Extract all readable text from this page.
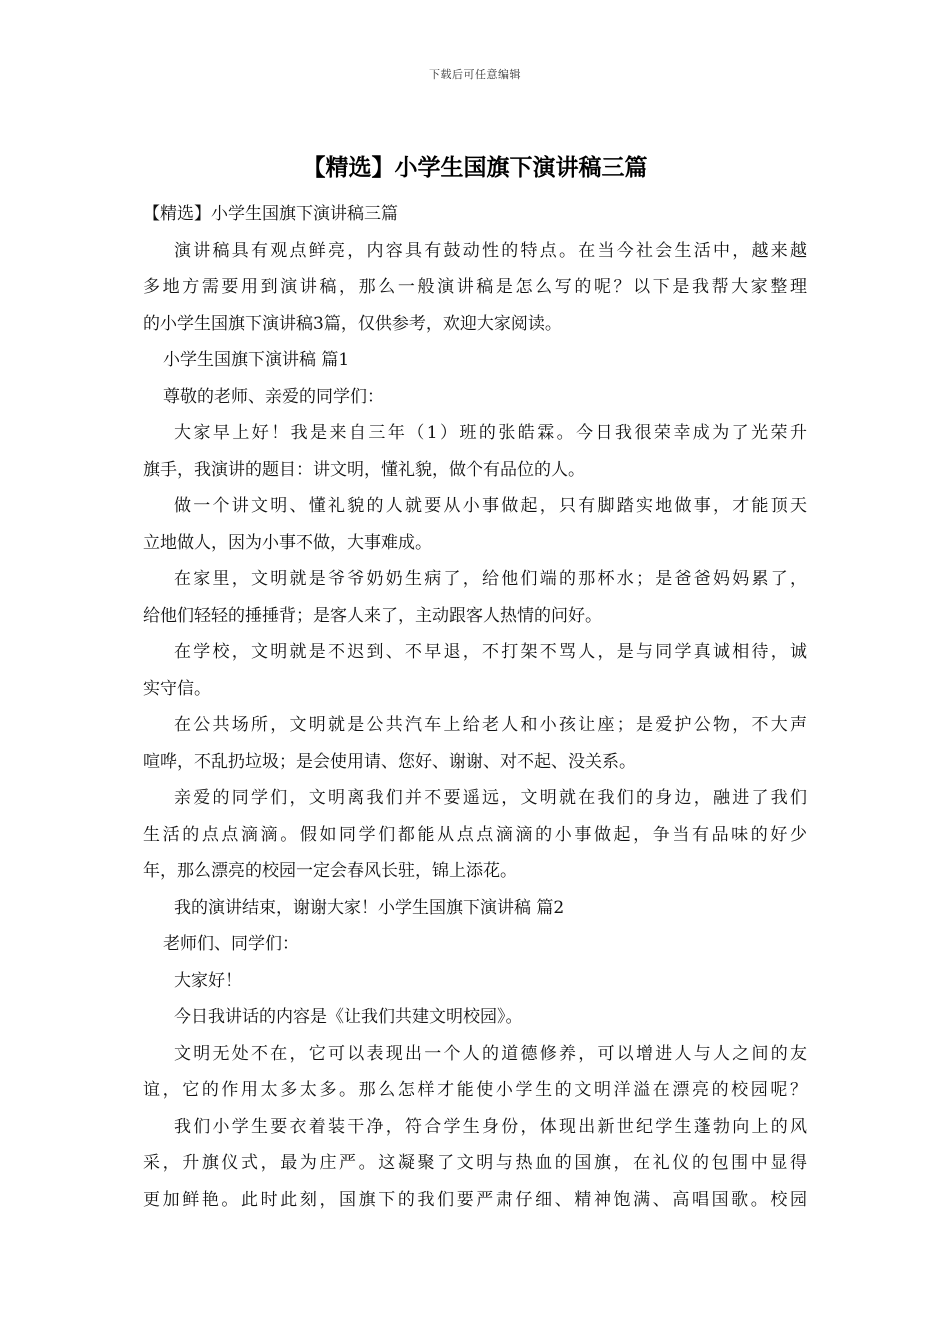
下载后可任意编辑
【精选】小学生国旗下演讲稿三篇

【精选】小学生国旗下演讲稿三篇

演讲稿具有观点鲜亮，内容具有鼓动性的特点。在当今社会生活中，越来越

多地方需要用到演讲稿，那么一般演讲稿是怎么写的呢？以下是我帮大家整理

的小学生国旗下演讲稿3篇，仅供参考，欢迎大家阅读。

小学生国旗下演讲稿 篇1

尊敬的老师、亲爱的同学们：

大家早上好！我是来自三年（1）班的张皓霖。今日我很荣幸成为了光荣升

旗手，我演讲的题目：讲文明，懂礼貌，做个有品位的人。

做一个讲文明、懂礼貌的人就要从小事做起，只有脚踏实地做事，才能顶天

立地做人，因为小事不做，大事难成。

在家里，文明就是爷爷奶奶生病了，给他们端的那杯水；是爸爸妈妈累了，

给他们轻轻的捶捶背；是客人来了，主动跟客人热情的问好。

在学校，文明就是不迟到、不早退，不打架不骂人，是与同学真诚相待，诚

实守信。

在公共场所，文明就是公共汽车上给老人和小孩让座；是爱护公物，不大声

喧哗，不乱扔垃圾；是会使用请、您好、谢谢、对不起、没关系。

亲爱的同学们，文明离我们并不要遥远，文明就在我们的身边，融进了我们

生活的点点滴滴。假如同学们都能从点点滴滴的小事做起，争当有品味的好少

年，那么漂亮的校园一定会春风长驻，锦上添花。

我的演讲结束，谢谢大家！小学生国旗下演讲稿 篇2

老师们、同学们：

大家好！

今日我讲话的内容是《让我们共建文明校园》。

文明无处不在，它可以表现出一个人的道德修养，可以增进人与人之间的友

谊，它的作用太多太多。那么怎样才能使小学生的文明洋溢在漂亮的校园呢？

我们小学生要衣着装干净，符合学生身份，体现出新世纪学生蓬勃向上的风

采，升旗仪式，最为庄严。这凝聚了文明与热血的国旗，在礼仪的包围中显得

更加鲜艳。此时此刻，国旗下的我们要严肃仔细、精神饱满、高唱国歌。校园
